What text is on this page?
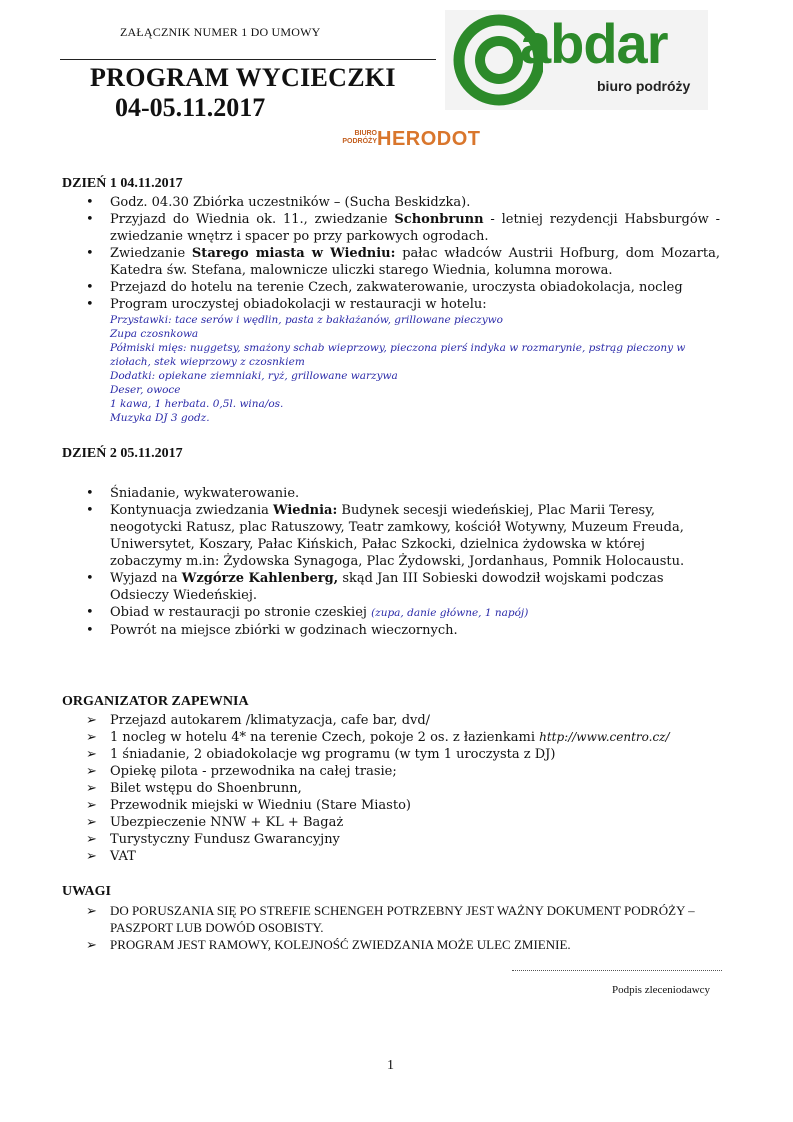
ZAŁĄCZNIK NUMER 1 DO UMOWY
PROGRAM WYCIECZKI
04-05.11.2017
abdar
biuro podróży
BIURO
PODRÓŻY HERODOT
DZIEŃ 1 04.11.2017
•	Godz. 04.30 Zbiórka uczestników – (Sucha Beskidzka).
•	Przyjazd do Wiednia ok. 11., zwiedzanie Schonbrunn - letniej rezydencji Habsburgów - zwiedzanie wnętrz i spacer po przy parkowych ogrodach.
•	Zwiedzanie Starego miasta w Wiedniu: pałac władców Austrii Hofburg, dom Mozarta, Katedra św. Stefana, malownicze uliczki starego Wiednia, kolumna morowa.
•	Przejazd do hotelu na terenie Czech, zakwaterowanie, uroczysta obiadokolacja, nocleg
•	Program uroczystej obiadokolacji w restauracji w hotelu:
Przystawki: tace serów i wędlin, pasta z bakłażanów, grillowane pieczywo
Zupa czosnkowa
Półmiski mięs: nuggetsy, smażony schab wieprzowy, pieczona pierś indyka w rozmarynie, pstrąg pieczony w ziołach, stek wieprzowy z czosnkiem
Dodatki: opiekane ziemniaki, ryż, grillowane warzywa
Deser, owoce
1 kawa, 1 herbata. 0,5l. wina/os.
Muzyka DJ 3 godz.
DZIEŃ 2 05.11.2017
•	Śniadanie, wykwaterowanie.
•	Kontynuacja zwiedzania Wiednia: Budynek secesji wiedeńskiej, Plac Marii Teresy, neogotycki Ratusz, plac Ratuszowy, Teatr zamkowy, kościół Wotywny, Muzeum Freuda, Uniwersytet, Koszary, Pałac Kińskich, Pałac Szkocki, dzielnica żydowska w której zobaczymy m.in: Żydowska Synagoga, Plac Żydowski, Jordanhaus, Pomnik Holocaustu.
•	Wyjazd na Wzgórze Kahlenberg, skąd Jan III Sobieski dowodził wojskami podczas Odsieczy Wiedeńskiej.
•	Obiad w restauracji po stronie czeskiej (zupa, danie główne, 1 napój)
•	Powrót na miejsce zbiórki w godzinach wieczornych.
ORGANIZATOR ZAPEWNIA
➢ Przejazd autokarem /klimatyzacja, cafe bar, dvd/
➢ 1 nocleg w hotelu 4* na terenie Czech, pokoje 2 os. z łazienkami http://www.centro.cz/
➢ 1 śniadanie, 2 obiadokolacje wg programu (w tym 1 uroczysta z DJ)
➢ Opiekę pilota - przewodnika na całej trasie;
➢ Bilet wstępu do Shoenbrunn,
➢ Przewodnik miejski w Wiedniu (Stare Miasto)
➢ Ubezpieczenie NNW + KL + Bagaż
➢ Turystyczny Fundusz Gwarancyjny
➢ VAT
UWAGI
➢ DO PORUSZANIA SIĘ PO STREFIE SCHENGEH POTRZEBNY JEST WAŻNY DOKUMENT PODRÓŻY – PASZPORT LUB DOWÓD OSOBISTY.
➢ PROGRAM JEST RAMOWY, KOLEJNOŚĆ ZWIEDZANIA MOŻE ULEC ZMIENIE.
Podpis zleceniodawcy
1
